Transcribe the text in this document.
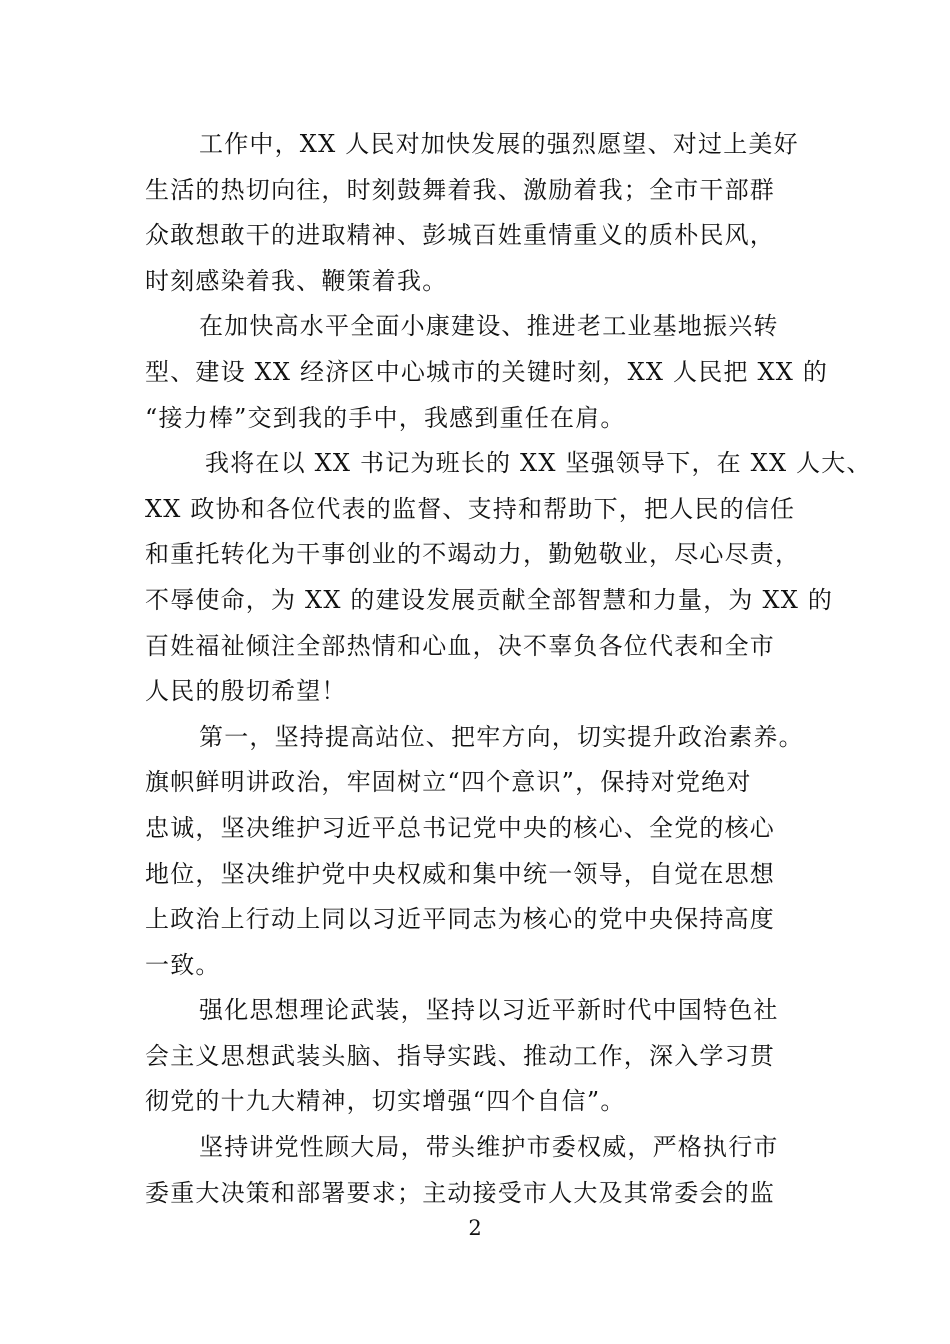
工作中，XX 人民对加快发展的强烈愿望、对过上美好
生活的热切向往，时刻鼓舞着我、激励着我；全市干部群
众敢想敢干的进取精神、彭城百姓重情重义的质朴民风，
时刻感染着我、鞭策着我。
在加快高水平全面小康建设、推进老工业基地振兴转
型、建设 XX 经济区中心城市的关键时刻，XX 人民把 XX 的
“接力棒”交到我的手中，我感到重任在肩。
我将在以 XX 书记为班长的 XX 坚强领导下，在 XX 人大、
XX 政协和各位代表的监督、支持和帮助下，把人民的信任
和重托转化为干事创业的不竭动力，勤勉敬业，尽心尽责，
不辱使命，为 XX 的建设发展贡献全部智慧和力量，为 XX 的
百姓福祉倾注全部热情和心血，决不辜负各位代表和全市
人民的殷切希望！
第一，坚持提高站位、把牢方向，切实提升政治素养。
旗帜鲜明讲政治，牢固树立“四个意识”，保持对党绝对
忠诚，坚决维护习近平总书记党中央的核心、全党的核心
地位，坚决维护党中央权威和集中统一领导，自觉在思想
上政治上行动上同以习近平同志为核心的党中央保持高度
一致。
强化思想理论武装，坚持以习近平新时代中国特色社
会主义思想武装头脑、指导实践、推动工作，深入学习贯
彻党的十九大精神，切实增强“四个自信”。
坚持讲党性顾大局，带头维护市委权威，严格执行市
委重大决策和部署要求；主动接受市人大及其常委会的监
2
